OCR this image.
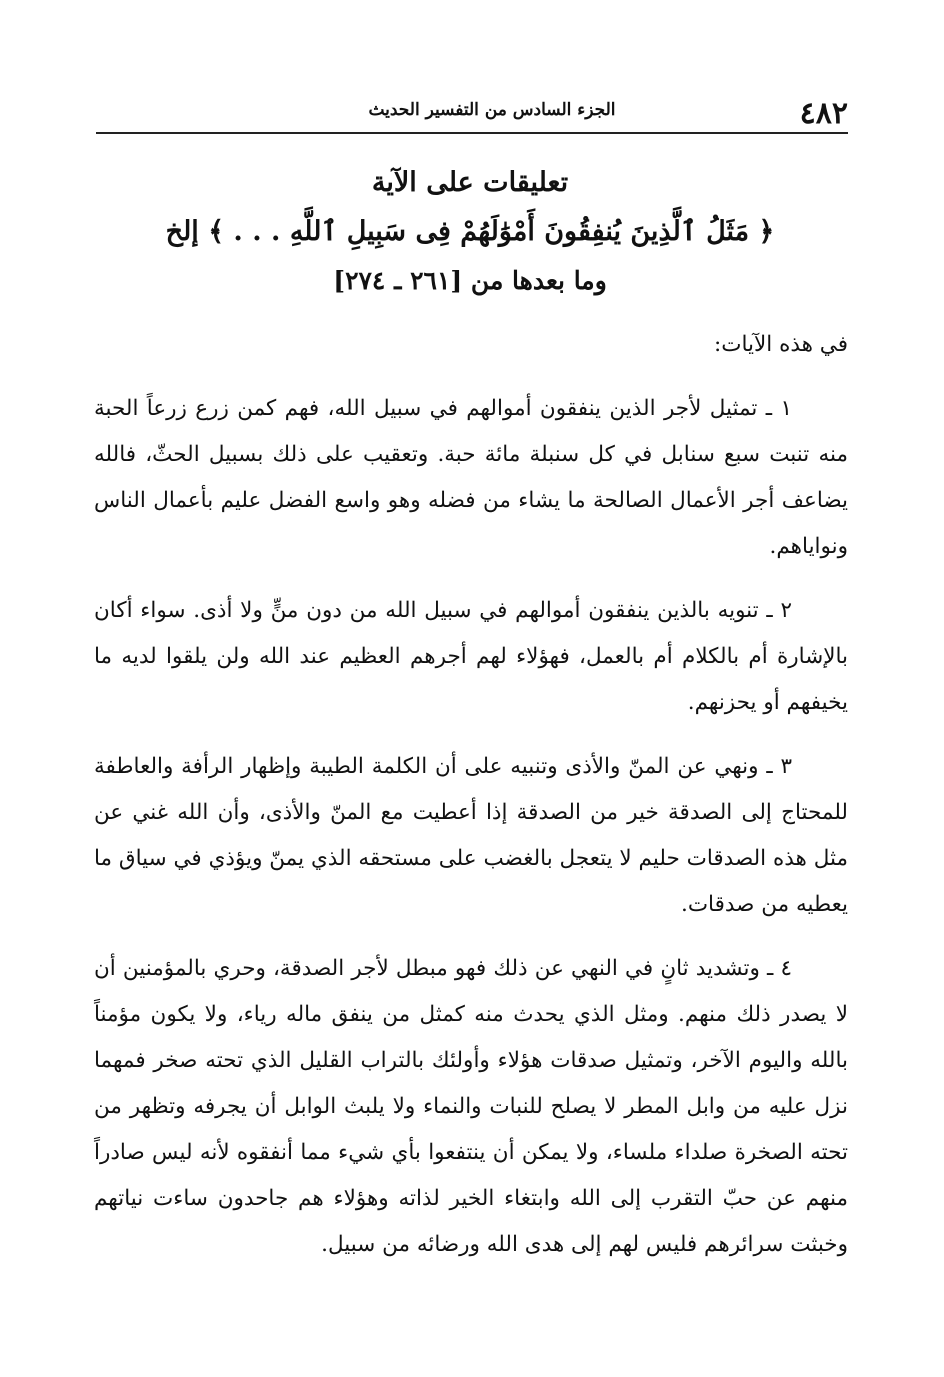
٤٨٢
الجزء السادس من التفسير الحديث
تعليقات على الآية
﴿ مَثَلُ ٱلَّذِينَ يُنفِقُونَ أَمْوَٰلَهُمْ فِى سَبِيلِ ٱللَّهِ . . . ﴾ إلخ
وما بعدها من [٢٦١ ـ ٢٧٤]

في هذه الآيات:

١ ـ تمثيل لأجر الذين ينفقون أموالهم في سبيل الله، فهم كمن زرع زرعاً الحبة منه تنبت سبع سنابل في كل سنبلة مائة حبة. وتعقيب على ذلك بسبيل الحثّ، فالله يضاعف أجر الأعمال الصالحة ما يشاء من فضله وهو واسع الفضل عليم بأعمال الناس ونواياهم.

٢ ـ تنويه بالذين ينفقون أموالهم في سبيل الله من دون منٍّ ولا أذى. سواء أكان بالإشارة أم بالكلام أم بالعمل، فهؤلاء لهم أجرهم العظيم عند الله ولن يلقوا لديه ما يخيفهم أو يحزنهم.

٣ ـ ونهي عن المنّ والأذى وتنبيه على أن الكلمة الطيبة وإظهار الرأفة والعاطفة للمحتاج إلى الصدقة خير من الصدقة إذا أعطيت مع المنّ والأذى، وأن الله غني عن مثل هذه الصدقات حليم لا يتعجل بالغضب على مستحقه الذي يمنّ ويؤذي في سياق ما يعطيه من صدقات.

٤ ـ وتشديد ثانٍ في النهي عن ذلك فهو مبطل لأجر الصدقة، وحري بالمؤمنين أن لا يصدر ذلك منهم. ومثل الذي يحدث منه كمثل من ينفق ماله رياء، ولا يكون مؤمناً بالله واليوم الآخر، وتمثيل صدقات هؤلاء وأولئك بالتراب القليل الذي تحته صخر فمهما نزل عليه من وابل المطر لا يصلح للنبات والنماء ولا يلبث الوابل أن يجرفه وتظهر من تحته الصخرة صلداء ملساء، ولا يمكن أن ينتفعوا بأي شيء مما أنفقوه لأنه ليس صادراً منهم عن حبّ التقرب إلى الله وابتغاء الخير لذاته وهؤلاء هم جاحدون ساءت نياتهم وخبثت سرائرهم فليس لهم إلى هدى الله ورضائه من سبيل.
